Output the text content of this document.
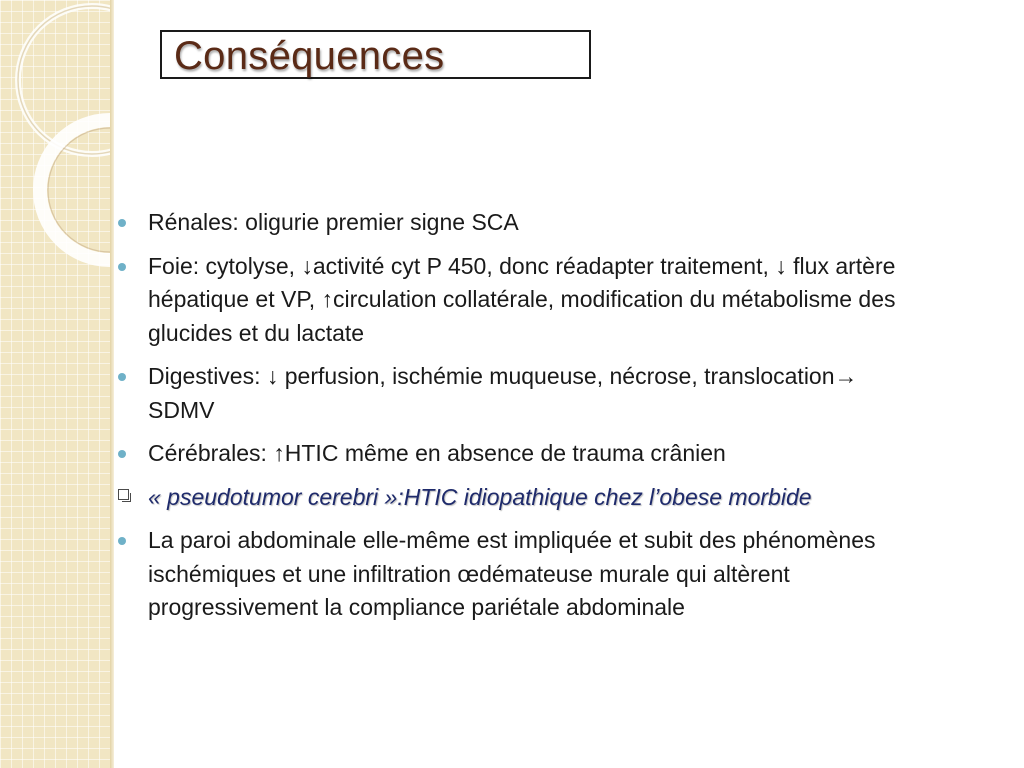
Conséquences
Rénales: oligurie premier signe SCA
Foie: cytolyse, ↓activité cyt P 450, donc réadapter traitement, ↓ flux artère hépatique et VP, ↑circulation collatérale, modification du métabolisme des glucides et du lactate
Digestives: ↓ perfusion, ischémie muqueuse, nécrose, translocation→ SDMV
Cérébrales: ↑HTIC même en absence de trauma crânien
« pseudotumor cerebri »:HTIC idiopathique chez l’obese morbide
La paroi abdominale elle-même est impliquée et subit des phénomènes ischémiques et une infiltration œdémateuse murale qui altèrent progressivement la compliance pariétale abdominale
